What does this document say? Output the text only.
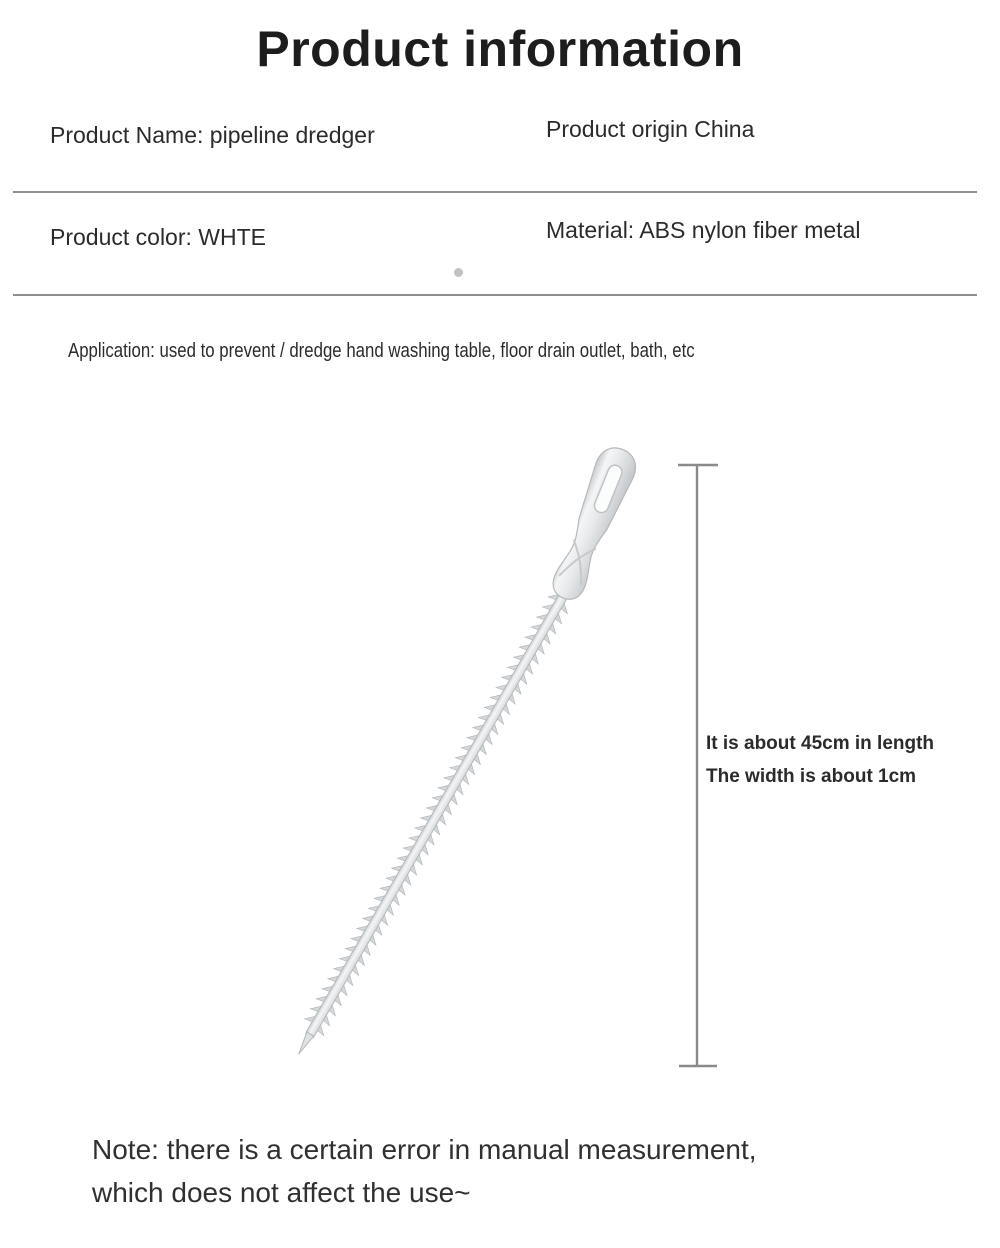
Product information
Product Name: pipeline dredger	Product origin China
Product color: WHTE	Material: ABS nylon fiber metal
Application: used to prevent / dredge hand washing table, floor drain outlet, bath, etc
It is about 45cm in length
The width is about 1cm
Note: there is a certain error in manual measurement,
which does not affect the use~
